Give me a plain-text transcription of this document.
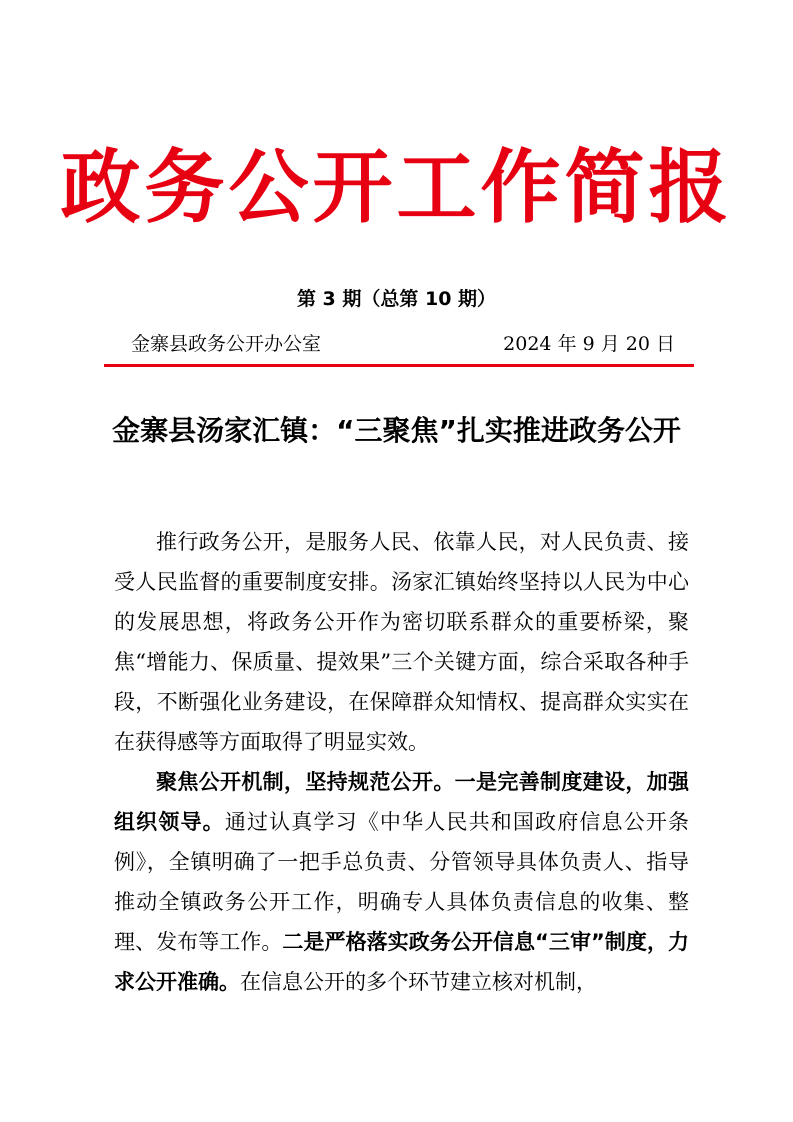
政务公开工作简报
第 3 期（总第 10 期）
金寨县政务公开办公室	2024 年 9 月 20 日
金寨县汤家汇镇：“三聚焦”扎实推进政务公开

推行政务公开，是服务人民、依靠人民，对人民负责、接受人民监督的重要制度安排。汤家汇镇始终坚持以人民为中心的发展思想，将政务公开作为密切联系群众的重要桥梁，聚焦“增能力、保质量、提效果”三个关键方面，综合采取各种手段，不断强化业务建设，在保障群众知情权、提高群众实实在在获得感等方面取得了明显实效。

聚焦公开机制，坚持规范公开。一是完善制度建设，加强组织领导。通过认真学习《中华人民共和国政府信息公开条例》，全镇明确了一把手总负责、分管领导具体负责人、指导推动全镇政务公开工作，明确专人具体负责信息的收集、整理、发布等工作。二是严格落实政务公开信息“三审”制度，力求公开准确。在信息公开的多个环节建立核对机制，
